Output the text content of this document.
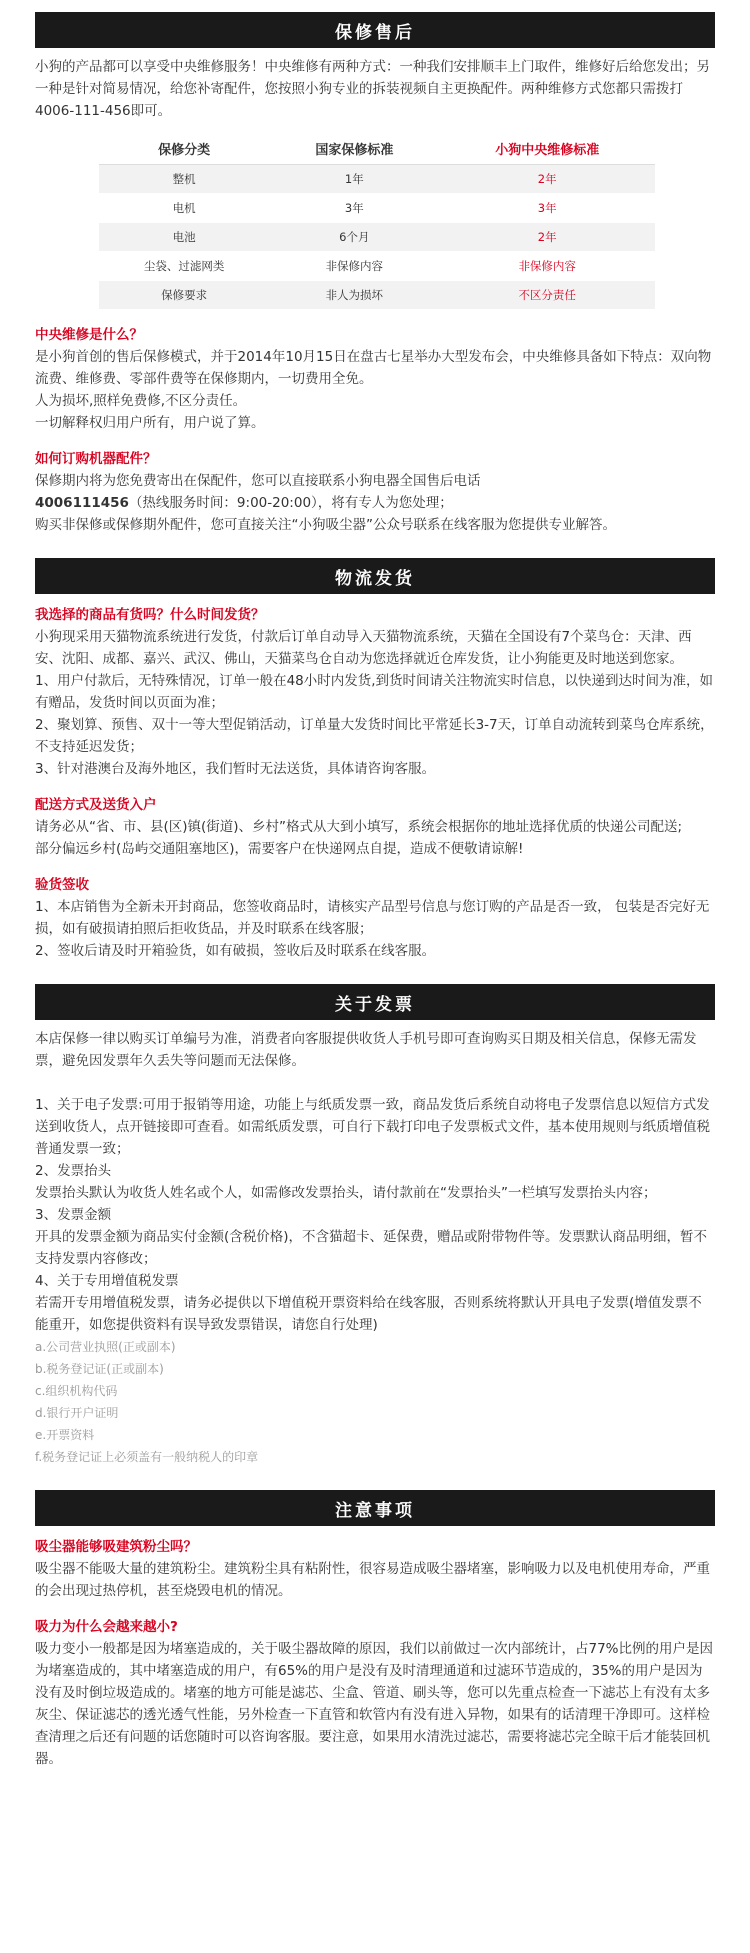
保修售后

小狗的产品都可以享受中央维修服务！中央维修有两种方式：一种我们安排顺丰上门取件，维修好后给您发出；另一种是针对简易情况，给您补寄配件，您按照小狗专业的拆装视频自主更换配件。两种维修方式您都只需拨打4006-111-456即可。

保修分类	国家保修标准	小狗中央维修标准
整机	1年	2年
电机	3年	3年
电池	6个月	2年
尘袋、过滤网类	非保修内容	非保修内容
保修要求	非人为损坏	不区分责任

中央维修是什么？

是小狗首创的售后保修模式，并于2014年10月15日在盘古七星举办大型发布会，中央维修具备如下特点：双向物流费、维修费、零部件费等在保修期内，一切费用全免。

人为损坏,照样免费修,不区分责任。

一切解释权归用户所有，用户说了算。

如何订购机器配件？

保修期内将为您免费寄出在保配件，您可以直接联系小狗电器全国售后电话

4006111456（热线服务时间：9:00-20:00），将有专人为您处理；

购买非保修或保修期外配件，您可直接关注“小狗吸尘器”公众号联系在线客服为您提供专业解答。

物流发货

我选择的商品有货吗？什么时间发货？

小狗现采用天猫物流系统进行发货，付款后订单自动导入天猫物流系统，天猫在全国设有7个菜鸟仓：天津、西安、沈阳、成都、嘉兴、武汉、佛山，天猫菜鸟仓自动为您选择就近仓库发货，让小狗能更及时地送到您家。

1、用户付款后，无特殊情况，订单一般在48小时内发货,到货时间请关注物流实时信息，以快递到达时间为准，如有赠品，发货时间以页面为准；

2、聚划算、预售、双十一等大型促销活动，订单量大发货时间比平常延长3-7天，订单自动流转到菜鸟仓库系统，不支持延迟发货；

3、针对港澳台及海外地区，我们暂时无法送货，具体请咨询客服。

配送方式及送货入户

请务必从“省、市、县(区)镇(街道)、乡村”格式从大到小填写，系统会根据你的地址选择优质的快递公司配送;

部分偏远乡村(岛屿交通阻塞地区)，需要客户在快递网点自提，造成不便敬请谅解!

验货签收

1、本店销售为全新未开封商品，您签收商品时，请核实产品型号信息与您订购的产品是否一致， 包装是否完好无损，如有破损请拍照后拒收货品，并及时联系在线客服；

2、签收后请及时开箱验货，如有破损，签收后及时联系在线客服。

关于发票

本店保修一律以购买订单编号为准，消费者向客服提供收货人手机号即可查询购买日期及相关信息，保修无需发票，避免因发票年久丢失等问题而无法保修。

1、关于电子发票:可用于报销等用途，功能上与纸质发票一致，商品发货后系统自动将电子发票信息以短信方式发送到收货人，点开链接即可查看。如需纸质发票，可自行下载打印电子发票板式文件，基本使用规则与纸质增值税普通发票一致；

2、发票抬头

发票抬头默认为收货人姓名或个人，如需修改发票抬头，请付款前在“发票抬头”一栏填写发票抬头内容；

3、发票金额

开具的发票金额为商品实付金额(含税价格)，不含猫超卡、延保费，赠品或附带物件等。发票默认商品明细，暂不支持发票内容修改；

4、关于专用增值税发票

若需开专用增值税发票，请务必提供以下增值税开票资料给在线客服，否则系统将默认开具电子发票(增值发票不能重开，如您提供资料有误导致发票错误，请您自行处理)

a.公司营业执照(正或副本)

b.税务登记证(正或副本)

c.组织机构代码

d.银行开户证明

e.开票资料

f.税务登记证上必须盖有一般纳税人的印章

注意事项

吸尘器能够吸建筑粉尘吗？

吸尘器不能吸大量的建筑粉尘。建筑粉尘具有粘附性，很容易造成吸尘器堵塞，影响吸力以及电机使用寿命，严重的会出现过热停机，甚至烧毁电机的情况。

吸力为什么会越来越小?

吸力变小一般都是因为堵塞造成的，关于吸尘器故障的原因，我们以前做过一次内部统计，占77%比例的用户是因为堵塞造成的，其中堵塞造成的用户，有65%的用户是没有及时清理通道和过滤环节造成的，35%的用户是因为没有及时倒垃圾造成的。堵塞的地方可能是滤芯、尘盒、管道、刷头等，您可以先重点检查一下滤芯上有没有太多灰尘、保证滤芯的透光透气性能，另外检查一下直管和软管内有没有进入异物，如果有的话清理干净即可。这样检查清理之后还有问题的话您随时可以咨询客服。要注意，如果用水清洗过滤芯，需要将滤芯完全晾干后才能装回机器。
